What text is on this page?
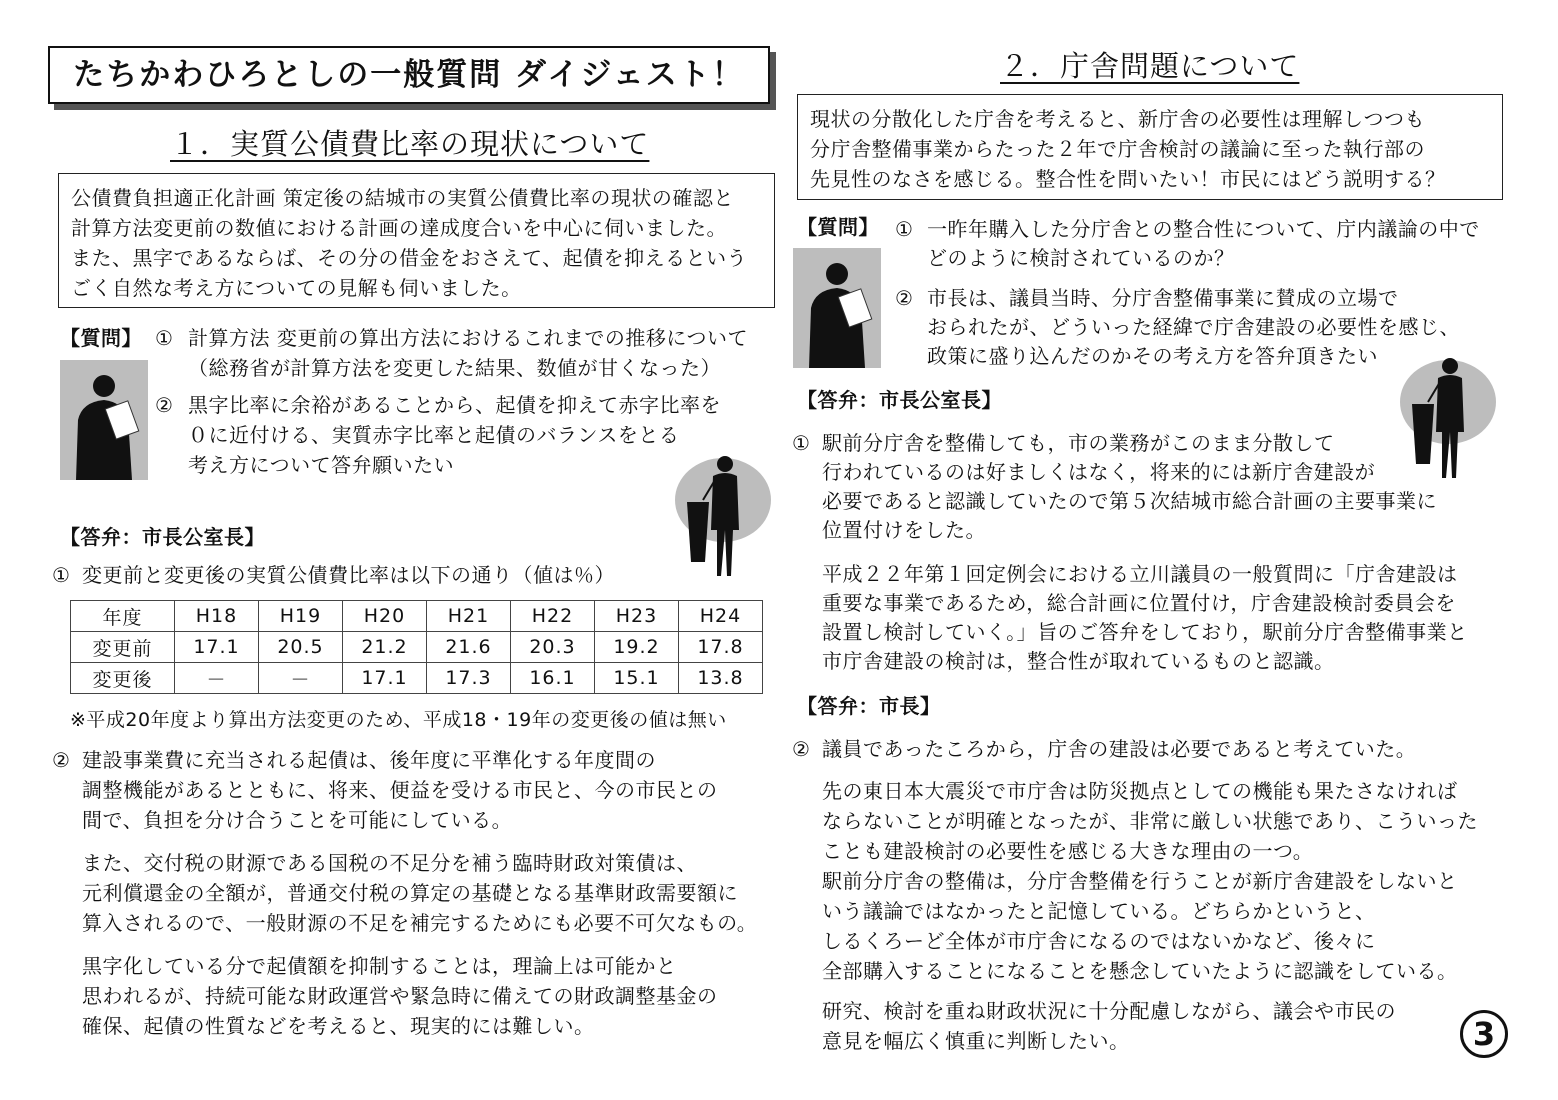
たちかわひろとしの一般質問 ダイジェスト！
１．実質公債費比率の現状について
公債費負担適正化計画 策定後の結城市の実質公債費比率の現状の確認と
計算方法変更前の数値における計画の達成度合いを中心に伺いました。
また、黒字であるならば、その分の借金をおさえて、起債を抑えるという
ごく自然な考え方についての見解も伺いました。
【質問】 ① 計算方法 変更前の算出方法におけるこれまでの推移について
（総務省が計算方法を変更した結果、数値が甘くなった）
② 黒字比率に余裕があることから、起債を抑えて赤字比率を
０に近付ける、実質赤字比率と起債のバランスをとる
考え方について答弁願いたい
【答弁：市長公室長】
① 変更前と変更後の実質公債費比率は以下の通り（値は％）
年度	H18	H19	H20	H21	H22	H23	H24
変更前	17.1	20.5	21.2	21.6	20.3	19.2	17.8
変更後	－	－	17.1	17.3	16.1	15.1	13.8
※平成20年度より算出方法変更のため、平成18・19年の変更後の値は無い
② 建設事業費に充当される起債は、後年度に平準化する年度間の
調整機能があるとともに、将来、便益を受ける市民と、今の市民との
間で、負担を分け合うことを可能にしている。
また、交付税の財源である国税の不足分を補う臨時財政対策債は、
元利償還金の全額が，普通交付税の算定の基礎となる基準財政需要額に
算入されるので、一般財源の不足を補完するためにも必要不可欠なもの。
黒字化している分で起債額を抑制することは，理論上は可能かと
思われるが、持続可能な財政運営や緊急時に備えての財政調整基金の
確保、起債の性質などを考えると、現実的には難しい。
２．庁舎問題について
現状の分散化した庁舎を考えると、新庁舎の必要性は理解しつつも
分庁舎整備事業からたった２年で庁舎検討の議論に至った執行部の
先見性のなさを感じる。整合性を問いたい！市民にはどう説明する？
【質問】 ① 一昨年購入した分庁舎との整合性について、庁内議論の中で
どのように検討されているのか？
② 市長は、議員当時、分庁舎整備事業に賛成の立場で
おられたが、どういった経緯で庁舎建設の必要性を感じ、
政策に盛り込んだのかその考え方を答弁頂きたい
【答弁：市長公室長】
① 駅前分庁舎を整備しても，市の業務がこのまま分散して
行われているのは好ましくはなく，将来的には新庁舎建設が
必要であると認識していたので第５次結城市総合計画の主要事業に
位置付けをした。
平成２２年第１回定例会における立川議員の一般質問に「庁舎建設は
重要な事業であるため，総合計画に位置付け，庁舎建設検討委員会を
設置し検討していく。」旨のご答弁をしており，駅前分庁舎整備事業と
市庁舎建設の検討は，整合性が取れているものと認識。
【答弁：市長】
② 議員であったころから，庁舎の建設は必要であると考えていた。
先の東日本大震災で市庁舎は防災拠点としての機能も果たさなければ
ならないことが明確となったが、非常に厳しい状態であり、こういった
ことも建設検討の必要性を感じる大きな理由の一つ。
駅前分庁舎の整備は，分庁舎整備を行うことが新庁舎建設をしないと
いう議論ではなかったと記憶している。どちらかというと、
しるくろーど全体が市庁舎になるのではないかなど、後々に
全部購入することになることを懸念していたように認識をしている。
研究、検討を重ね財政状況に十分配慮しながら、議会や市民の
意見を幅広く慎重に判断したい。	3
